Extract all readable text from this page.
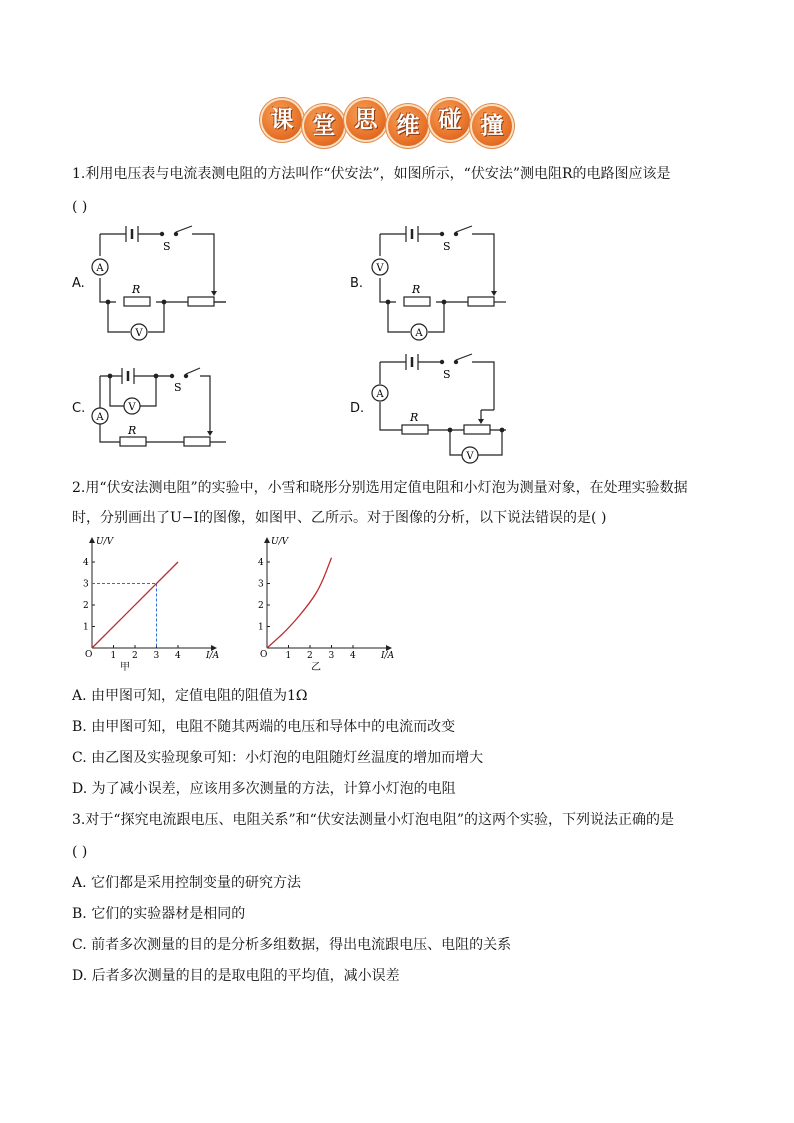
课 堂 思 维 碰 撞
1.利用电压表与电流表测电阻的方法叫作“伏安法”，如图所示，“伏安法”测电阻R的电路图应该是
( )
A.	B.
C.	D.
A
V
S
R
V
A
S
R
V
A
S
R
A
V
S
R
2.用“伏安法测电阻”的实验中，小雪和晓彤分别选用定值电阻和小灯泡为测量对象，在处理实验数据
时，分别画出了U−I的图像，如图甲、乙所示。对于图像的分析，以下说法错误的是( )
1 2 3 4
1
2
3
4
U/V
I/A
O
甲
1 2 3 4
1
2
3
4
U/V
I/A
O
乙
A. 由甲图可知，定值电阻的阻值为1Ω
B. 由甲图可知，电阻不随其两端的电压和导体中的电流而改变
C. 由乙图及实验现象可知：小灯泡的电阻随灯丝温度的增加而增大
D. 为了减小误差，应该用多次测量的方法，计算小灯泡的电阻
3.对于“探究电流跟电压、电阻关系”和“伏安法测量小灯泡电阻”的这两个实验，下列说法正确的是
( )
A. 它们都是采用控制变量的研究方法
B. 它们的实验器材是相同的
C. 前者多次测量的目的是分析多组数据，得出电流跟电压、电阻的关系
D. 后者多次测量的目的是取电阻的平均值，减小误差
